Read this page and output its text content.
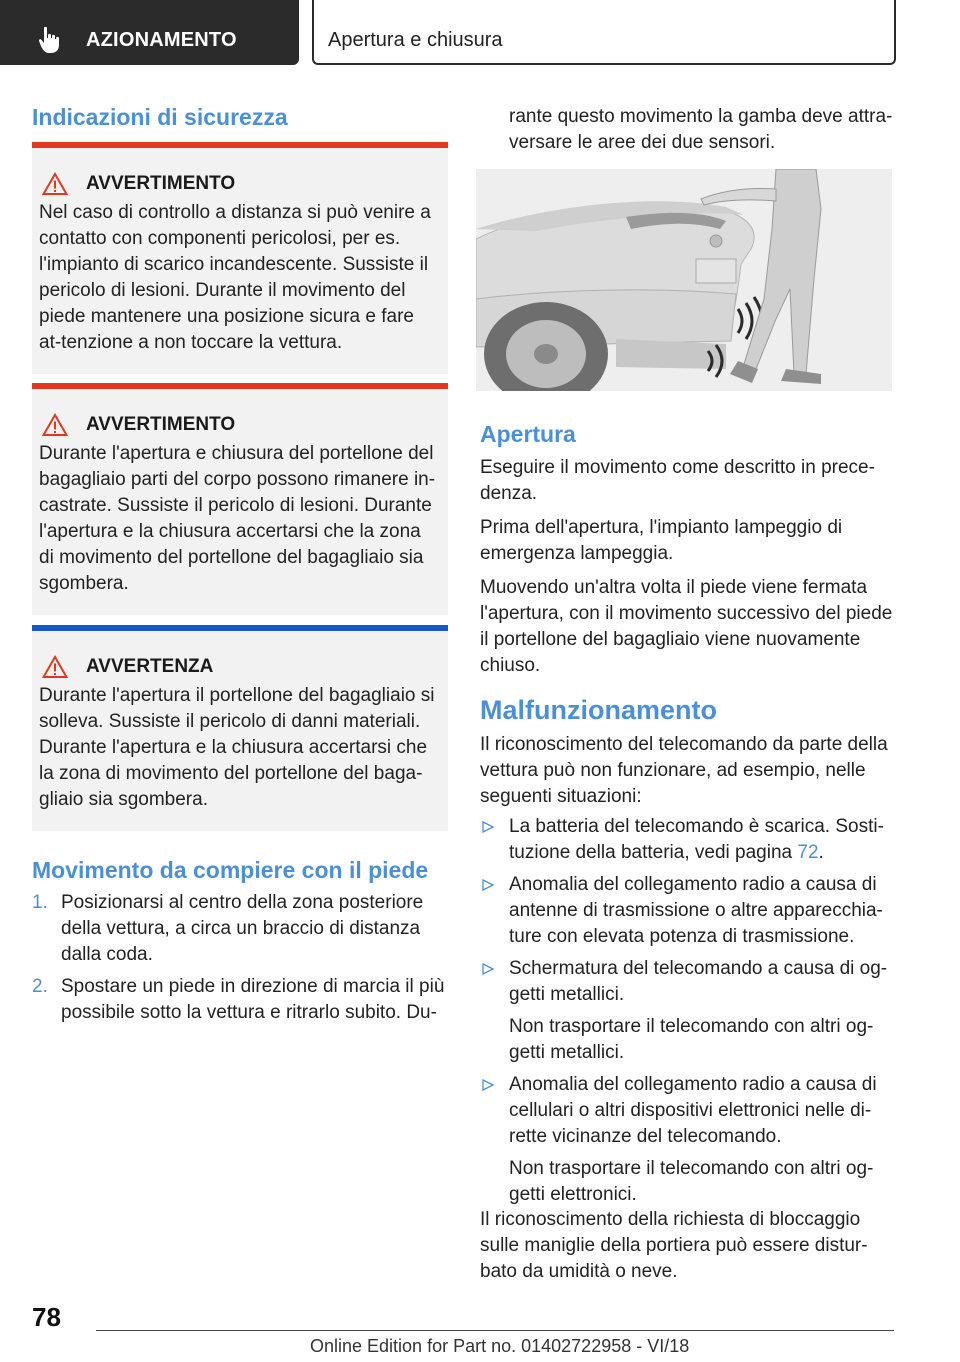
AZIONAMENTO	Apertura e chiusura
Indicazioni di sicurezza
AVVERTIMENTO
Nel caso di controllo a distanza si può venire a contatto con componenti pericolosi, per es. l'impianto di scarico incandescente. Sussiste il pericolo di lesioni. Durante il movimento del piede mantenere una posizione sicura e fare at-tenzione a non toccare la vettura.
AVVERTIMENTO
Durante l'apertura e chiusura del portellone del bagagliaio parti del corpo possono rimanere in-castrate. Sussiste il pericolo di lesioni. Durante l'apertura e la chiusura accertarsi che la zona di movimento del portellone del bagagliaio sia sgombera.
AVVERTENZA
Durante l'apertura il portellone del bagagliaio si solleva. Sussiste il pericolo di danni materiali. Durante l'apertura e la chiusura accertarsi che la zona di movimento del portellone del baga-gliaio sia sgombera.
Movimento da compiere con il piede
1. Posizionarsi al centro della zona posteriore della vettura, a circa un braccio di distanza dalla coda.
2. Spostare un piede in direzione di marcia il più possibile sotto la vettura e ritrarlo subito. Du-
rante questo movimento la gamba deve attra-versare le aree dei due sensori.
Apertura

Eseguire il movimento come descritto in prece-denza.

Prima dell'apertura, l'impianto lampeggio di emergenza lampeggia.

Muovendo un'altra volta il piede viene fermata l'apertura, con il movimento successivo del piede il portellone del bagagliaio viene nuovamente chiuso.

Malfunzionamento
Il riconoscimento del telecomando da parte della vettura può non funzionare, ad esempio, nelle seguenti situazioni:
La batteria del telecomando è scarica. Sosti-tuzione della batteria, vedi pagina 72.
Anomalia del collegamento radio a causa di antenne di trasmissione o altre apparecchia-ture con elevata potenza di trasmissione.
Schermatura del telecomando a causa di og-getti metallici.

Non trasportare il telecomando con altri og-getti metallici.

Anomalia del collegamento radio a causa di cellulari o altri dispositivi elettronici nelle di-rette vicinanze del telecomando.

Non trasportare il telecomando con altri og-getti elettronici.

Il riconoscimento della richiesta di bloccaggio sulle maniglie della portiera può essere distur-bato da umidità o neve.
78
Online Edition for Part no. 01402722958 - VI/18
